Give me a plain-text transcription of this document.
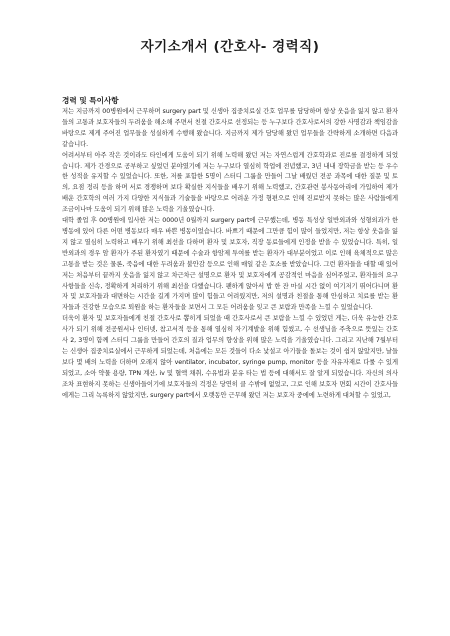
자기소개서 (간호사- 경력직)
경력 및 특이사항

저는 지금까지 00병원에서 근무하며 surgery part 및 신생아 집중치료실 간호 업무를 담당하며 항상 웃음을 잃지 않고 환자들의 고통과 보호자들의 두려움을 해소해 주면서 친절 간호사로 선정되는 등 누구보다 간호사로서의 강한 사명감과 책임감을 바탕으로 제게 주어진 업무들을 성실하게 수행해 왔습니다. 지금까지 제가 담당해 왔던 업무들을 간략하게 소개하면 다음과 같습니다.

어려서부터 아주 작은 것이라도 타인에게 도움이 되기 위해 노력해 왔던 저는 자연스럽게 간호학과로 진로를 결정하게 되었습니다. 제가 간경으로 공부하고 싶었던 분야였기에 저는 누구보다 열심히 학업에 전념했고, 3년 내내 장학금을 받는 등 우수한 성적을 유지할 수 있었습니다. 또한, 저를 포함한 5명이 스터디 그룹을 만들어 그날 배웠던 전공 과목에 대한 질문 및 토의, 요점 정리 등을 하며 서로 경쟁하며 보다 확실한 지식들을 배우기 위해 노력했고, 간호관련 봉사동아리에 가입하여 제가 배운 간호학의 여러 가지 다양한 지식들과 기술들을 바탕으로 어려운 가정 형편으로 인해 진료받지 못하는 많은 사람들에게 조금이나마 도움이 되기 위해 많은 노력을 기울였습니다.

대학 졸업 후 00병원에 입사한 저는 0000년 0월까지 surgery part에 근무했는데, 병동 특성상 일반외과와 성형외과가 한 병동에 있어 다른 어떤 병동보다 매우 바쁜 병동이었습니다. 바쁘기 때문에 그만큼 힘이 많이 들었지만, 저는 항상 웃음을 잃지 않고 열심히 노력하고 배우기 위해 최선을 다하며 환자 및 보호자, 직장 동료들에게 인정을 받을 수 있었습니다. 특히, 일반외과의 경우 암 환자가 주된 환자였기 때문에 수술과 항암제 투여를 받는 환자가 대부분이었고 이로 인해 육체적으로 많은 고통을 받는 것은 물론, 죽음에 대한 두려움과 불안감 등으로 인해 매일 같은 호소를 받았습니다. 그런 환자들을 대할 때 있어 저는 처음부터 끝까지 웃음을 잃지 않고 차근차근 설명으로 환자 및 보호자에게 공감적인 마음을 심어주었고, 환자들의 요구사항들을 신속, 정확하게 처리하기 위해 최선을 다했습니다. 팬하게 앉아서 밥 한 잔 마실 시간 없이 여기저기 뛰어다니며 환자 및 보호자들과 대면하는 시간을 길게 가지며 많이 힘들고 어려웠지만, 저의 설명과 친절을 통해 안심하고 치료를 받는 환자들과 건강한 모습으로 퇴원을 하는 환자들을 보면서 그 모든 어려움을 잊고 큰 보람과 만족을 느낄 수 있었습니다.

더욱이 환자 및 보호자들에게 친절 간호사로 뽑히게 되었을 때 간호사로서 큰 보람을 느낄 수 있었던 게는, 더욱 유능한 간호사가 되기 위해 전공원서나 인터넷, 참고서적 등을 통해 열심히 자기계발을 위해 힘썼고, 수 선생님을 주축으로 뜻있는 간호사 2, 3명이 함께 스터디 그룹을 만들어 간호의 질과 업무의 향상을 위해 많은 노력을 기울였습니다. 그리고 지난해 7월부터는 신생아 집중치료실에서 근무하게 되었는데, 처음에는 모든 것들이 다소 낯설고 아기들을 돌보는 것이 쉽지 않았지만, 날들보다 몇 배의 노력을 더하며 오래지 않아 ventilator, incubator, syringe pump, monitor 등을 자유자재로 다룰 수 있게 되었고, 소아 약물 용량, TPN 계산, iv 및 혈액 채취, 수유법과 분유 타는 법 등에 대해서도 잘 알게 되었습니다. 자신의 의사조차 표현하지 못하는 신생아들이기에 보호자들의 걱정은 당연히 클 수밖에 없었고, 그로 인해 보호자 면회 시간이 간호사들에게는 그리 녹록하지 않았지만, surgery part에서 오랫동안 근무해 왔던 저는 보호자 중에에 노련하게 대처할 수 있었고,
